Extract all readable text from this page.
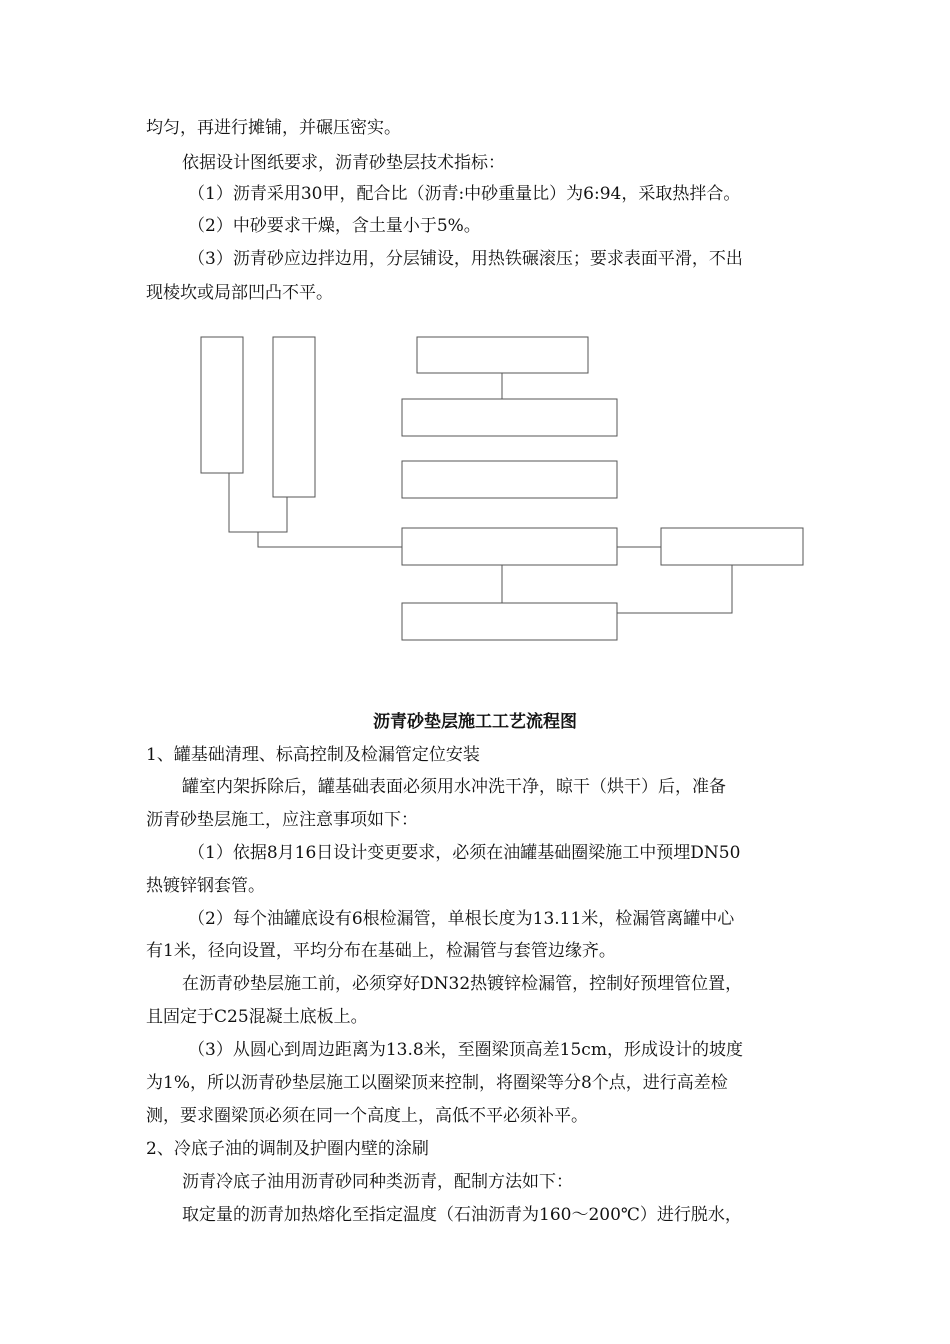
均匀，再进行摊铺，并碾压密实。
依据设计图纸要求，沥青砂垫层技术指标：
（1）沥青采用30甲，配合比（沥青:中砂重量比）为6:94，采取热拌合。
（2）中砂要求干燥，含土量小于5%。
（3）沥青砂应边拌边用，分层铺设，用热铁碾滚压；要求表面平滑，不出
现棱坎或局部凹凸不平。
沥青砂垫层施工工艺流程图
1、罐基础清理、标高控制及检漏管定位安装
罐室内架拆除后，罐基础表面必须用水冲洗干净，晾干（烘干）后，准备
沥青砂垫层施工，应注意事项如下：
（1）依据8月16日设计变更要求，必须在油罐基础圈梁施工中预埋DN50
热镀锌钢套管。
（2）每个油罐底设有6根检漏管，单根长度为13.11米，检漏管离罐中心
有1米，径向设置，平均分布在基础上，检漏管与套管边缘齐。
在沥青砂垫层施工前，必须穿好DN32热镀锌检漏管，控制好预埋管位置，
且固定于C25混凝土底板上。
（3）从圆心到周边距离为13.8米，至圈梁顶高差15cm，形成设计的坡度
为1%，所以沥青砂垫层施工以圈梁顶来控制，将圈梁等分8个点，进行高差检
测，要求圈梁顶必须在同一个高度上，高低不平必须补平。
2、冷底子油的调制及护圈内壁的涂刷
沥青冷底子油用沥青砂同种类沥青，配制方法如下：
取定量的沥青加热熔化至指定温度（石油沥青为160～200℃）进行脱水，
